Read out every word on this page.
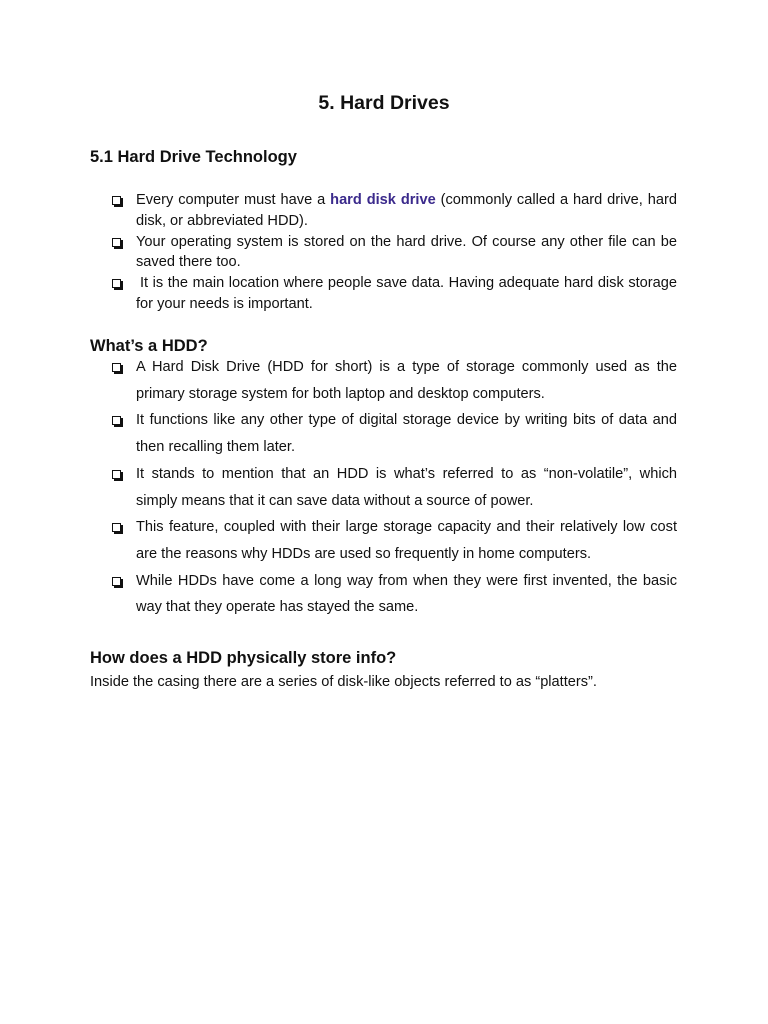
5. Hard Drives
5.1 Hard Drive Technology
Every computer must have a hard disk drive (commonly called a hard drive, hard disk, or abbreviated HDD).
Your operating system is stored on the hard drive. Of course any other file can be saved there too.
It is the main location where people save data. Having adequate hard disk storage for your needs is important.
What’s a HDD?
A Hard Disk Drive (HDD for short) is a type of storage commonly used as the primary storage system for both laptop and desktop computers.
It functions like any other type of digital storage device by writing bits of data and then recalling them later.
It stands to mention that an HDD is what’s referred to as “non-volatile”, which simply means that it can save data without a source of power.
This feature, coupled with their large storage capacity and their relatively low cost are the reasons why HDDs are used so frequently in home computers.
While HDDs have come a long way from when they were first invented, the basic way that they operate has stayed the same.
How does a HDD physically store info?

Inside the casing there are a series of disk-like objects referred to as “platters”.
